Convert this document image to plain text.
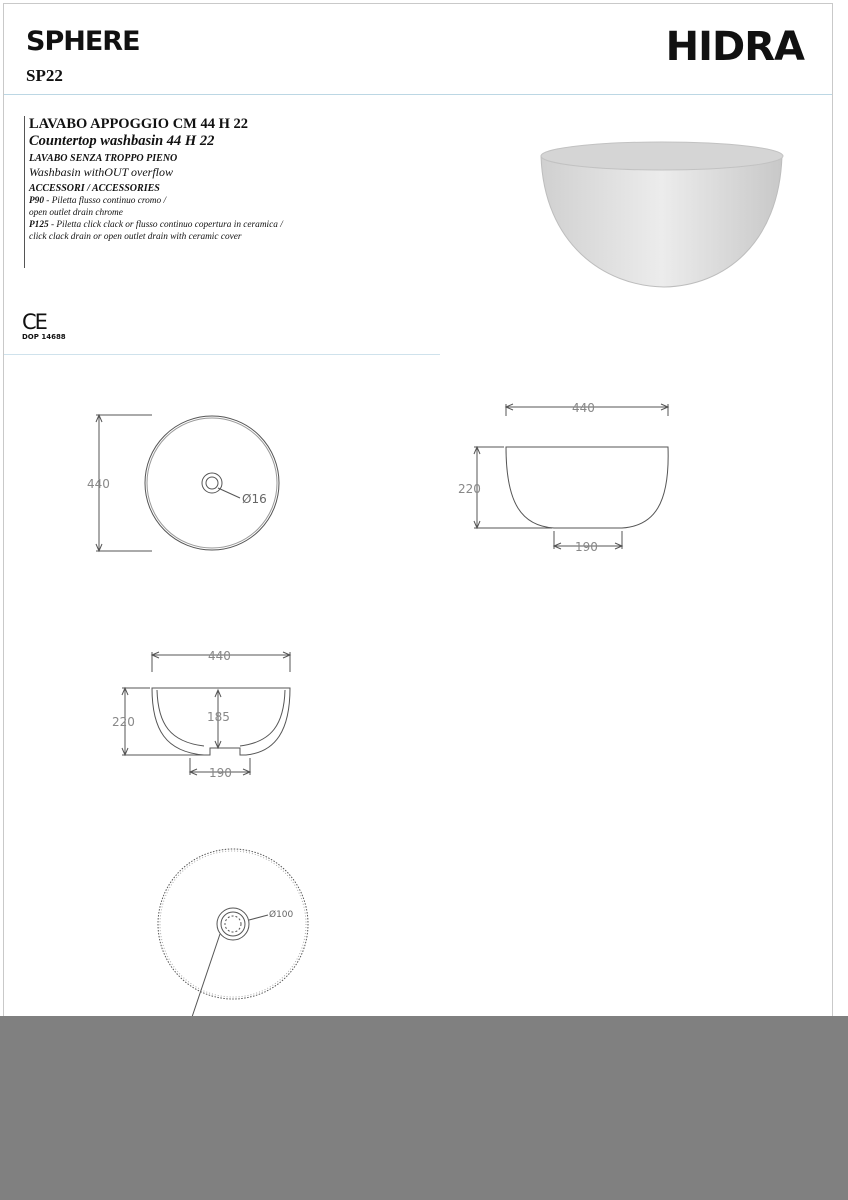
SPHERE
SP22
HIDRA
LAVABO APPOGGIO CM 44 H 22
Countertop washbasin 44 H 22
LAVABO SENZA TROPPO PIENO
Washbasin withOUT overflow
ACCESSORI / ACCESSORIES
P90 - Piletta flusso continuo cromo /
open outlet drain chrome
P125 - Piletta click clack or flusso continuo copertura in ceramica /
click clack drain or open outlet drain with ceramic cover
CE
DOP 14688
440
Ø16
440
220
190
440
220	185
190
Ø100
